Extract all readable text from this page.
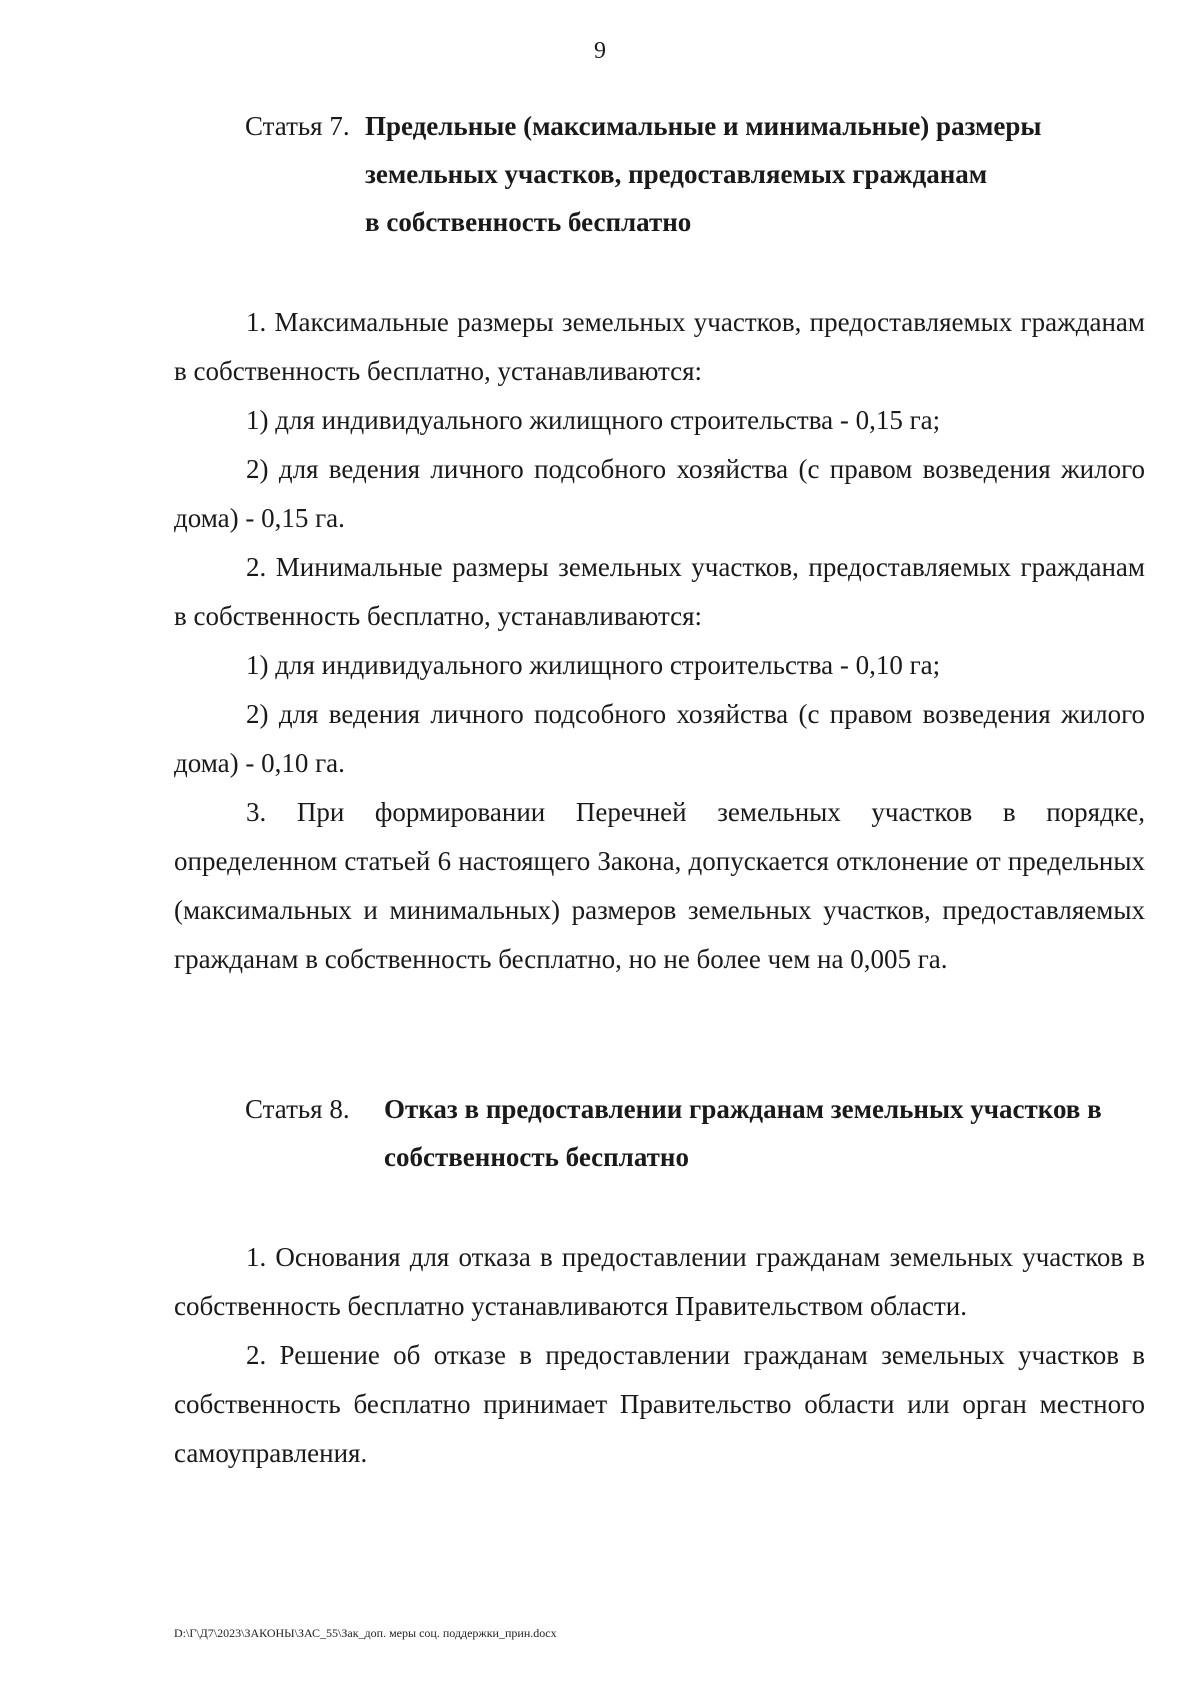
9
Статья 7. Предельные (максимальные и минимальные) размеры
земельных участков, предоставляемых гражданам
в собственность бесплатно

1. Максимальные размеры земельных участков, предоставляемых гражданам в собственность бесплатно, устанавливаются:

1) для индивидуального жилищного строительства - 0,15 га;

2) для ведения личного подсобного хозяйства (с правом возведения жилого дома) - 0,15 га.

2. Минимальные размеры земельных участков, предоставляемых гражданам в собственность бесплатно, устанавливаются:

1) для индивидуального жилищного строительства - 0,10 га;

2) для ведения личного подсобного хозяйства (с правом возведения жилого дома) - 0,10 га.

3. При формировании Перечней земельных участков в порядке, определенном статьей 6 настоящего Закона, допускается отклонение от предельных (максимальных и минимальных) размеров земельных участков, предоставляемых гражданам в собственность бесплатно, но не более чем на 0,005 га.

Статья 8. Отказ в предоставлении гражданам земельных участков в
собственность бесплатно

1. Основания для отказа в предоставлении гражданам земельных участков в собственность бесплатно устанавливаются Правительством области.

2. Решение об отказе в предоставлении гражданам земельных участков в собственность бесплатно принимает Правительство области или орган местного самоуправления.

D:\Г\Д7\2023\ЗАКОНЫ\ЗАС_55\Зак_доп. меры соц. поддержки_прин.docx
